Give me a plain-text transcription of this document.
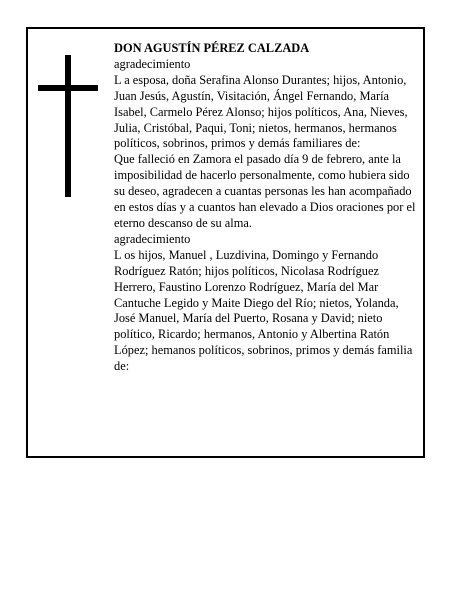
DON AGUSTÍN PÉREZ CALZADA

agradecimiento

L a esposa, doña Serafina Alonso Durantes; hijos, Antonio, Juan Jesús, Agustín, Visitación, Ángel Fernando, María Isabel, Carmelo Pérez Alonso; hijos políticos, Ana, Nieves, Julia, Cristóbal, Paqui, Toni; nietos, hermanos, hermanos políticos, sobrinos, primos y demás familiares de:

Que falleció en Zamora el pasado día 9 de febrero, ante la imposibilidad de hacerlo personalmente, como hubiera sido su deseo, agradecen a cuantas personas les han acompañado en estos días y a cuantos han elevado a Dios oraciones por el eterno descanso de su alma.

agradecimiento

L os hijos, Manuel , Luzdivina, Domingo y Fernando Rodríguez Ratón; hijos políticos, Nicolasa Rodríguez Herrero, Faustino Lorenzo Rodríguez, María del Mar Cantuche Legido y Maite Diego del Río; nietos, Yolanda, José Manuel, María del Puerto, Rosana y David; nieto político, Ricardo; hermanos, Antonio y Albertina Ratón López; hemanos políticos, sobrinos, primos y demás familia de:
